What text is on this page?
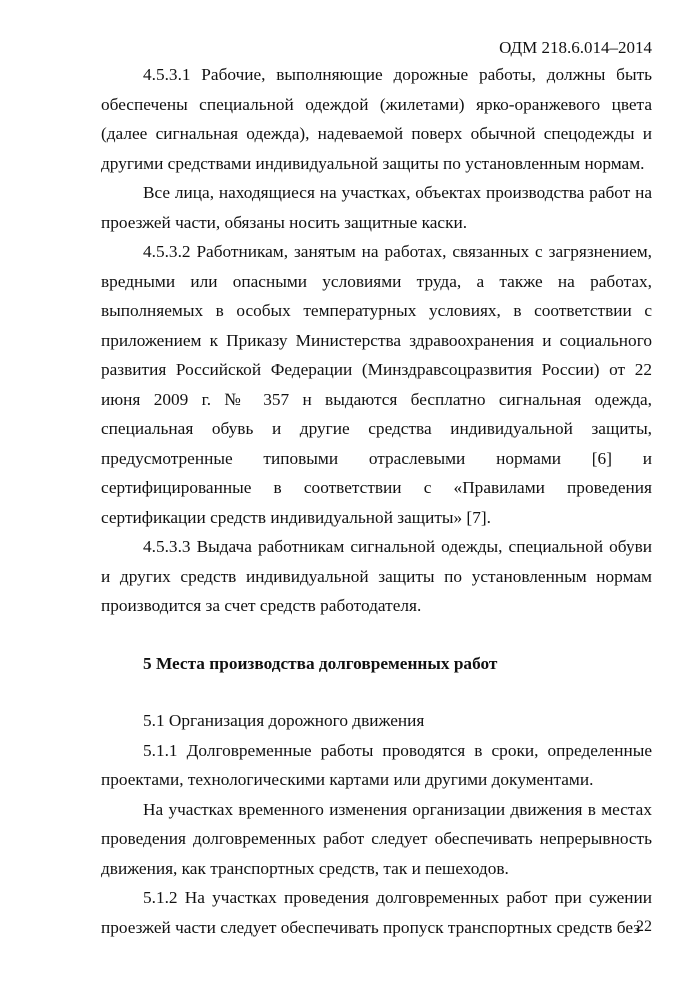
ОДМ 218.6.014–2014

4.5.3.1 Рабочие, выполняющие дорожные работы, должны быть обеспечены специальной одеждой (жилетами) ярко-оранжевого цвета (далее сигнальная одежда), надеваемой поверх обычной спецодежды и другими средствами индивидуальной защиты по установленным нормам.

Все лица, находящиеся на участках, объектах производства работ на проезжей части, обязаны носить защитные каски.

4.5.3.2 Работникам, занятым на работах, связанных с загрязнением, вредными или опасными условиями труда, а также на работах, выполняемых в особых температурных условиях, в соответствии с приложением к Приказу Министерства здравоохранения и социального развития Российской Федерации (Минздравсоцразвития России) от 22 июня 2009 г. № 357 н выдаются бесплатно сигнальная одежда, специальная обувь и другие средства индивидуальной защиты, предусмотренные типовыми отраслевыми нормами [6] и сертифицированные в соответствии с «Правилами проведения сертификации средств индивидуальной защиты» [7].

4.5.3.3 Выдача работникам сигнальной одежды, специальной обуви и других средств индивидуальной защиты по установленным нормам производится за счет средств работодателя.

5 Места производства долговременных работ

5.1 Организация дорожного движения

5.1.1 Долговременные работы проводятся в сроки, определенные проектами, технологическими картами или другими документами.

На участках временного изменения организации движения в местах проведения долговременных работ следует обеспечивать непрерывность движения, как транспортных средств, так и пешеходов.

5.1.2 На участках проведения долговременных работ при сужении проезжей части следует обеспечивать пропуск транспортных средств без

22
